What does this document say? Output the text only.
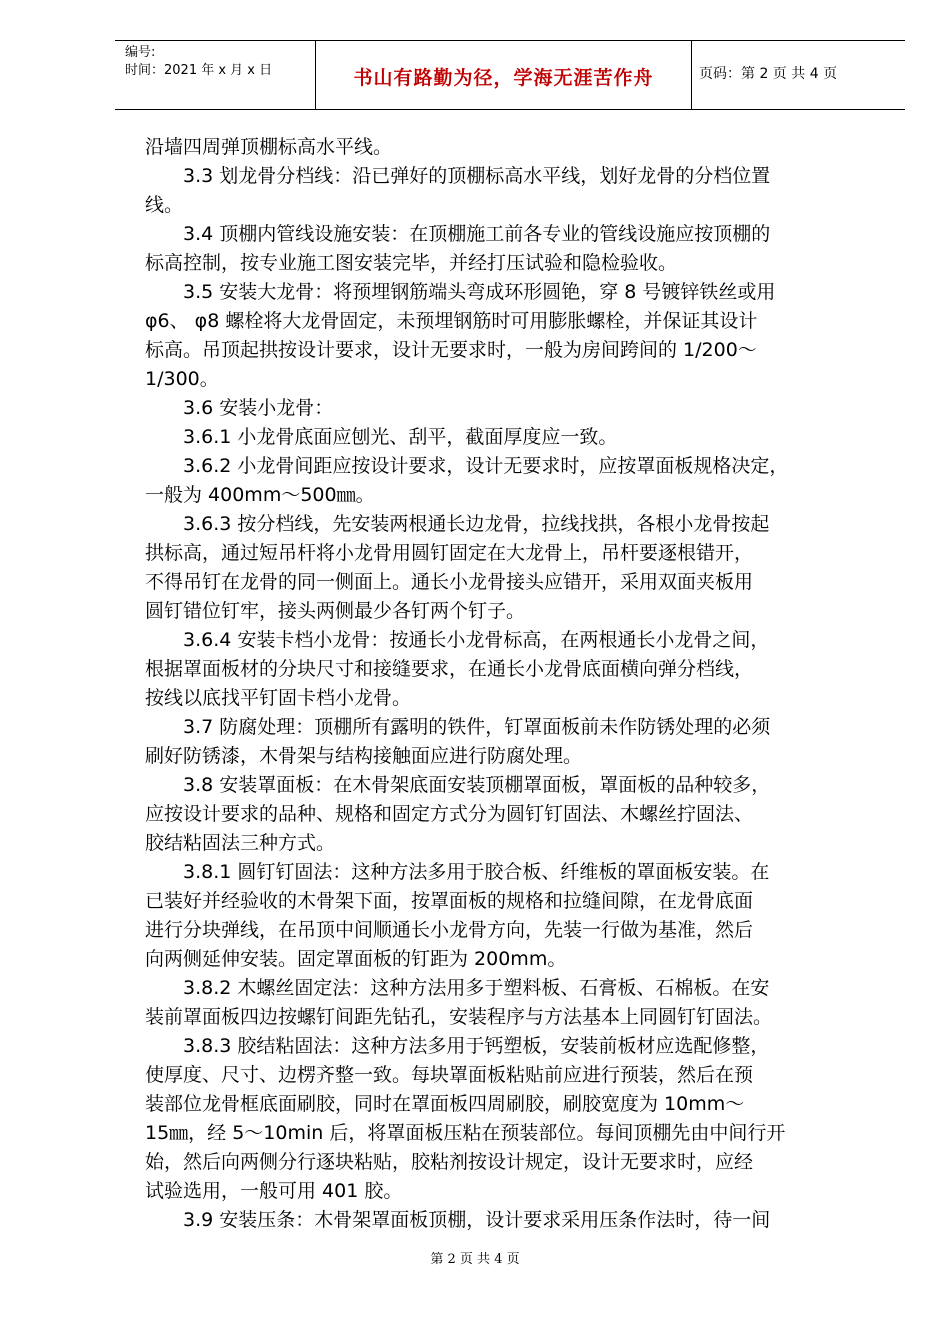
编号:
时间：2021 年 x 月 x 日	书山有路勤为径，学海无涯苦作舟	页码：第 2 页 共 4 页
沿墙四周弹顶棚标高水平线。
　　3.3 划龙骨分档线：沿已弹好的顶棚标高水平线，划好龙骨的分档位置
线。
　　3.4 顶棚内管线设施安装：在顶棚施工前各专业的管线设施应按顶棚的
标高控制，按专业施工图安装完毕，并经打压试验和隐检验收。
　　3.5 安装大龙骨：将预埋钢筋端头弯成环形圆铯，穿 8 号镀锌铁丝或用
φ6、 φ8 螺栓将大龙骨固定，未预埋钢筋时可用膨胀螺栓，并保证其设计
标高。吊顶起拱按设计要求，设计无要求时，一般为房间跨间的 1/200～
1/300。
　　3.6 安装小龙骨：
　　3.6.1 小龙骨底面应刨光、刮平，截面厚度应一致。
　　3.6.2 小龙骨间距应按设计要求，设计无要求时，应按罩面板规格决定，
一般为 400mm～500㎜。
　　3.6.3 按分档线，先安装两根通长边龙骨，拉线找拱，各根小龙骨按起
拱标高，通过短吊杆将小龙骨用圆钉固定在大龙骨上，吊杆要逐根错开，
不得吊钉在龙骨的同一侧面上。通长小龙骨接头应错开，采用双面夹板用
圆钉错位钉牢，接头两侧最少各钉两个钉子。
　　3.6.4 安装卡档小龙骨：按通长小龙骨标高，在两根通长小龙骨之间，
根据罩面板材的分块尺寸和接缝要求，在通长小龙骨底面横向弹分档线，
按线以底找平钉固卡档小龙骨。
　　3.7 防腐处理：顶棚所有露明的铁件，钉罩面板前未作防锈处理的必须
刷好防锈漆，木骨架与结构接触面应进行防腐处理。
　　3.8 安装罩面板：在木骨架底面安装顶棚罩面板，罩面板的品种较多，
应按设计要求的品种、规格和固定方式分为圆钉钉固法、木螺丝拧固法、
胶结粘固法三种方式。
　　3.8.1 圆钉钉固法：这种方法多用于胶合板、纤维板的罩面板安装。在
已装好并经验收的木骨架下面，按罩面板的规格和拉缝间隙，在龙骨底面
进行分块弹线，在吊顶中间顺通长小龙骨方向，先装一行做为基准，然后
向两侧延伸安装。固定罩面板的钉距为 200mm。
　　3.8.2 木螺丝固定法：这种方法用多于塑料板、石膏板、石棉板。在安
装前罩面板四边按螺钉间距先钻孔，安装程序与方法基本上同圆钉钉固法。
　　3.8.3 胶结粘固法：这种方法多用于钙塑板，安装前板材应选配修整，
使厚度、尺寸、边楞齐整一致。每块罩面板粘贴前应进行预装，然后在预
装部位龙骨框底面刷胶，同时在罩面板四周刷胶，刷胶宽度为 10mm～
15㎜，经 5～10min 后，将罩面板压粘在预装部位。每间顶棚先由中间行开
始，然后向两侧分行逐块粘贴，胶粘剂按设计规定，设计无要求时，应经
试验选用，一般可用 401 胶。
　　3.9 安装压条：木骨架罩面板顶棚，设计要求采用压条作法时，待一间
第 2 页 共 4 页
